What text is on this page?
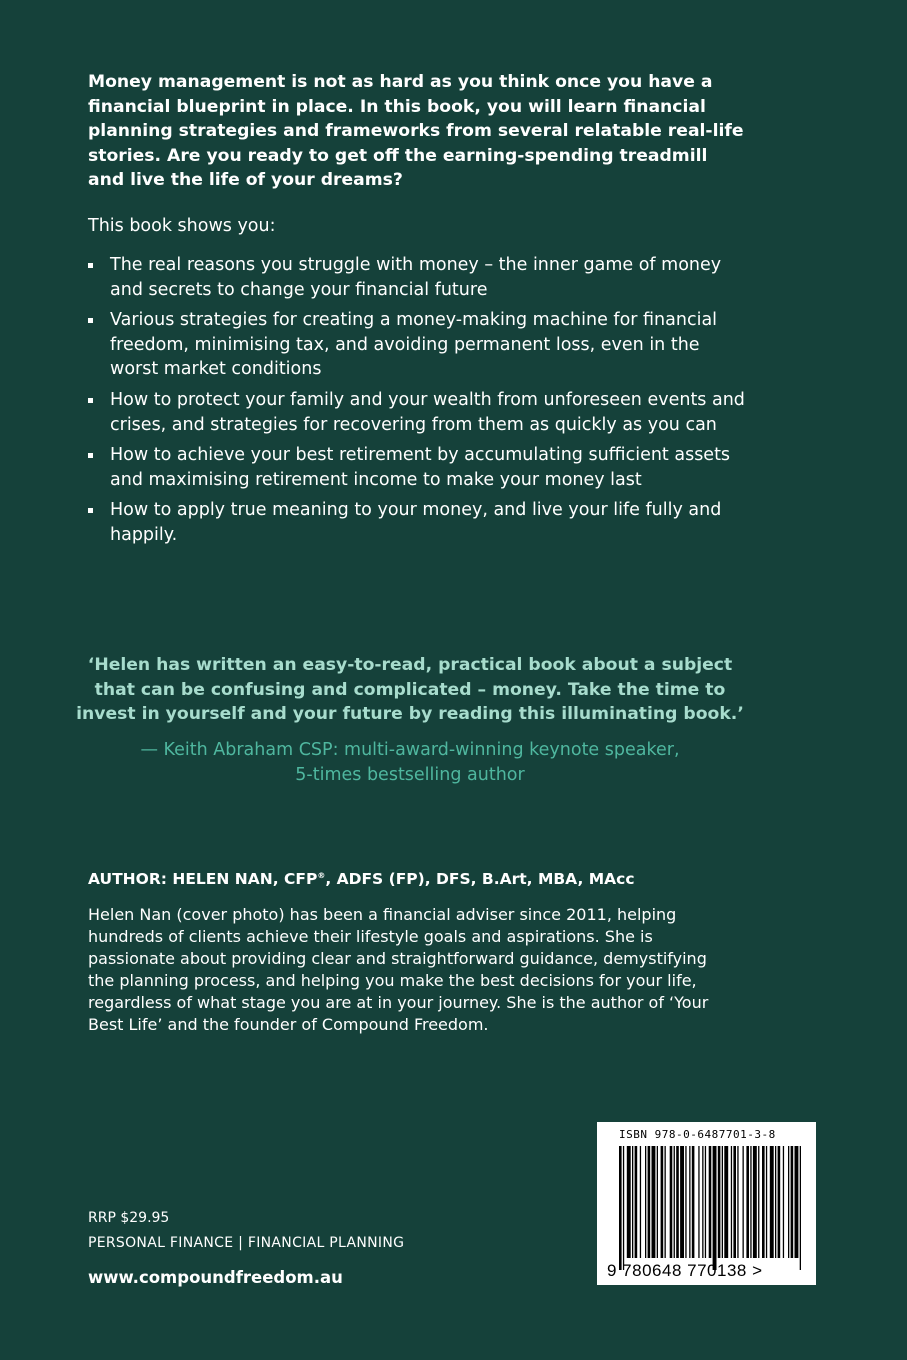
Money management is not as hard as you think once you have a financial blueprint in place. In this book, you will learn financial planning strategies and frameworks from several relatable real-life stories. Are you ready to get off the earning-spending treadmill and live the life of your dreams?

This book shows you:

The real reasons you struggle with money – the inner game of money and secrets to change your financial future
Various strategies for creating a money-making machine for financial freedom, minimising tax, and avoiding permanent loss, even in the worst market conditions
How to protect your family and your wealth from unforeseen events and crises, and strategies for recovering from them as quickly as you can
How to achieve your best retirement by accumulating sufficient assets and maximising retirement income to make your money last
How to apply true meaning to your money, and live your life fully and happily.

‘Helen has written an easy-to-read, practical book about a subject that can be confusing and complicated – money. Take the time to invest in yourself and your future by reading this illuminating book.’

— Keith Abraham CSP: multi-award-winning keynote speaker,
5-times bestselling author

AUTHOR: HELEN NAN, CFP®, ADFS (FP), DFS, B.Art, MBA, MAcc

Helen Nan (cover photo) has been a financial adviser since 2011, helping hundreds of clients achieve their lifestyle goals and aspirations. She is passionate about providing clear and straightforward guidance, demystifying the planning process, and helping you make the best decisions for your life, regardless of what stage you are at in your journey. She is the author of ‘Your Best Life’ and the founder of Compound Freedom.

RRP $29.95

PERSONAL FINANCE | FINANCIAL PLANNING

www.compoundfreedom.au

ISBN 978-0-6487701-3-8
9 780648 770138 >
